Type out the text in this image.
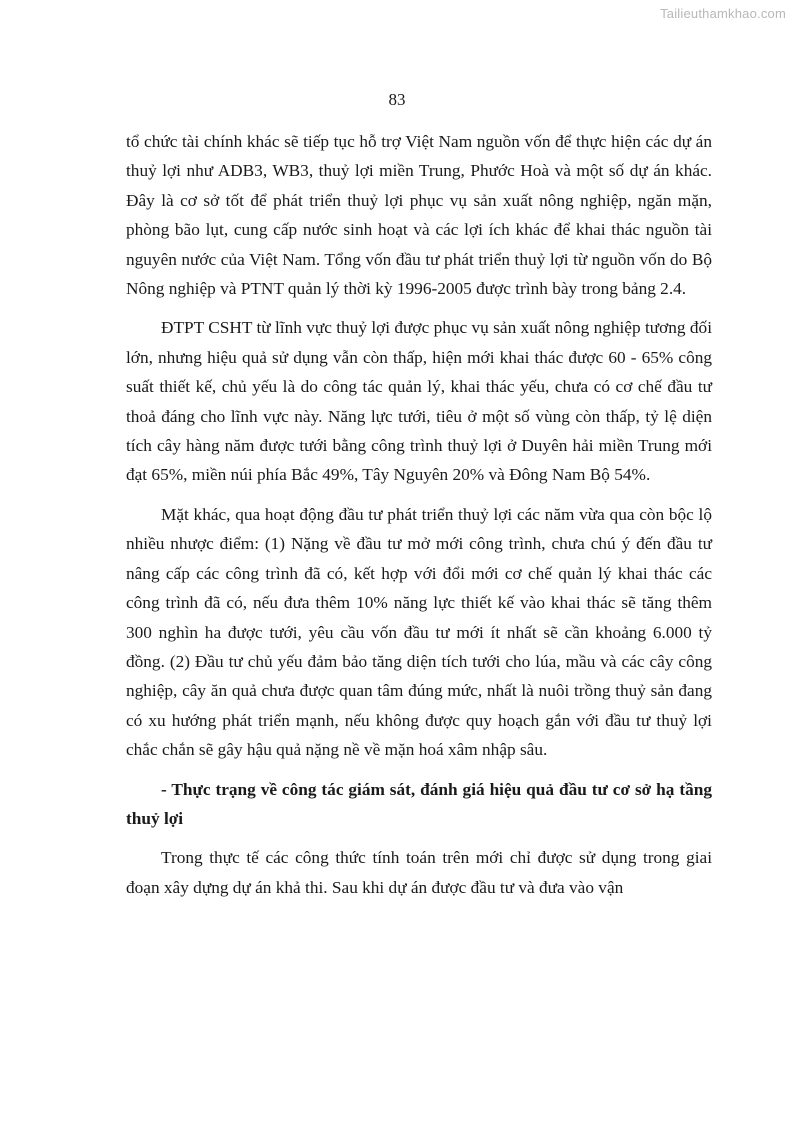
Tailieuthamkhao.com
83

tổ chức tài chính khác sẽ tiếp tục hỗ trợ Việt Nam nguồn vốn để thực hiện các dự án thuỷ lợi như ADB3, WB3, thuỷ lợi miền Trung, Phước Hoà và một số dự án khác. Đây là cơ sở tốt để phát triển thuỷ lợi phục vụ sản xuất nông nghiệp, ngăn mặn, phòng bão lụt, cung cấp nước sinh hoạt và các lợi ích khác để khai thác nguồn tài nguyên nước của Việt Nam. Tổng vốn đầu tư phát triển thuỷ lợi từ nguồn vốn do Bộ Nông nghiệp và PTNT quản lý thời kỳ 1996-2005 được trình bày trong bảng 2.4.

ĐTPT CSHT từ lĩnh vực thuỷ lợi được phục vụ sản xuất nông nghiệp tương đối lớn, nhưng hiệu quả sử dụng vẫn còn thấp, hiện mới khai thác được 60 - 65% công suất thiết kế, chủ yếu là do công tác quản lý, khai thác yếu, chưa có cơ chế đầu tư thoả đáng cho lĩnh vực này. Năng lực tưới, tiêu ở một số vùng còn thấp, tỷ lệ diện tích cây hàng năm được tưới bằng công trình thuỷ lợi ở Duyên hải miền Trung mới đạt 65%, miền núi phía Bắc 49%, Tây Nguyên 20% và Đông Nam Bộ 54%.

Mặt khác, qua hoạt động đầu tư phát triển thuỷ lợi các năm vừa qua còn bộc lộ nhiều nhược điểm: (1) Nặng về đầu tư mở mới công trình, chưa chú ý đến đầu tư nâng cấp các công trình đã có, kết hợp với đổi mới cơ chế quản lý khai thác các công trình đã có, nếu đưa thêm 10% năng lực thiết kế vào khai thác sẽ tăng thêm 300 nghìn ha được tưới, yêu cầu vốn đầu tư mới ít nhất sẽ cần khoảng 6.000 tỷ đồng. (2) Đầu tư chủ yếu đảm bảo tăng diện tích tưới cho lúa, mầu và các cây công nghiệp, cây ăn quả chưa được quan tâm đúng mức, nhất là nuôi trồng thuỷ sản đang có xu hướng phát triển mạnh, nếu không được quy hoạch gắn với đầu tư thuỷ lợi chắc chắn sẽ gây hậu quả nặng nề về mặn hoá xâm nhập sâu.

- Thực trạng về công tác giám sát, đánh giá hiệu quả đầu tư cơ sở hạ tầng thuỷ lợi

Trong thực tế các công thức tính toán trên mới chỉ được sử dụng trong giai đoạn xây dựng dự án khả thi. Sau khi dự án được đầu tư và đưa vào vận
